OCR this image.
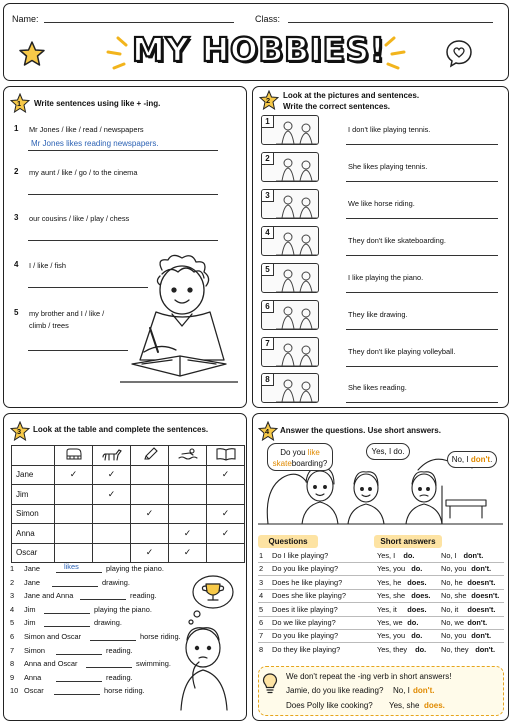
Name:	Class:
MY HOBBIES!
1 Write sentences using like + -ing.
1 Mr Jones / like / read / newspapers
Mr Jones likes reading newspapers.
2 my aunt / like / go / to the cinema
3 our cousins / like / play / chess
4 I / like / fish
5 my brother and I / like /
climb / trees
2
Look at the pictures and sentences.
Write the correct sentences.
1
I don't like playing tennis.
2
She likes playing tennis.
3
We like horse riding.
4
They don't like skateboarding.
5
I like playing the piano.
6
They like drawing.
7
They don't like playing volleyball.
8
She likes reading.
3 Look at the table and complete the sentences.

Jane	✓	✓			✓
Jim		✓			
Simon			✓		✓
Anna				✓	✓
Oscar			✓	✓	
1 Jane	likes	playing the piano.
2 Jane	drawing.
3 Jane and Anna	reading.
4 Jim	playing the piano.
5 Jim	drawing.
6 Simon and Oscar	horse riding.
7 Simon	reading.
8 Anna and Oscar	swimming.
9 Anna	reading.
10 Oscar	horse riding.
4 Answer the questions. Use short answers.
Do you like
skateboarding?
Yes, I do.
No, I don't.
Questions	Short answers
1 Do I like playing?	Yes, I do.	No, I don't.
2 Do you like playing?	Yes, you do.	No, you don't.
3 Does he like playing?	Yes, he does. No, he doesn't.
4 Does she like playing?	Yes, she does. No, she doesn't.
5 Does it like playing?	Yes, it does. No, it doesn't.
6 Do we like playing?	Yes, we do.	No, we don't.
7 Do you like playing?	Yes, you do.	No, you don't.
8 Do they like playing?	Yes, they do. No, they don't.
We don't repeat the -ing verb in short answers!
Jamie, do you like reading? No, I don't.
Does Polly like cooking? Yes, she does.
